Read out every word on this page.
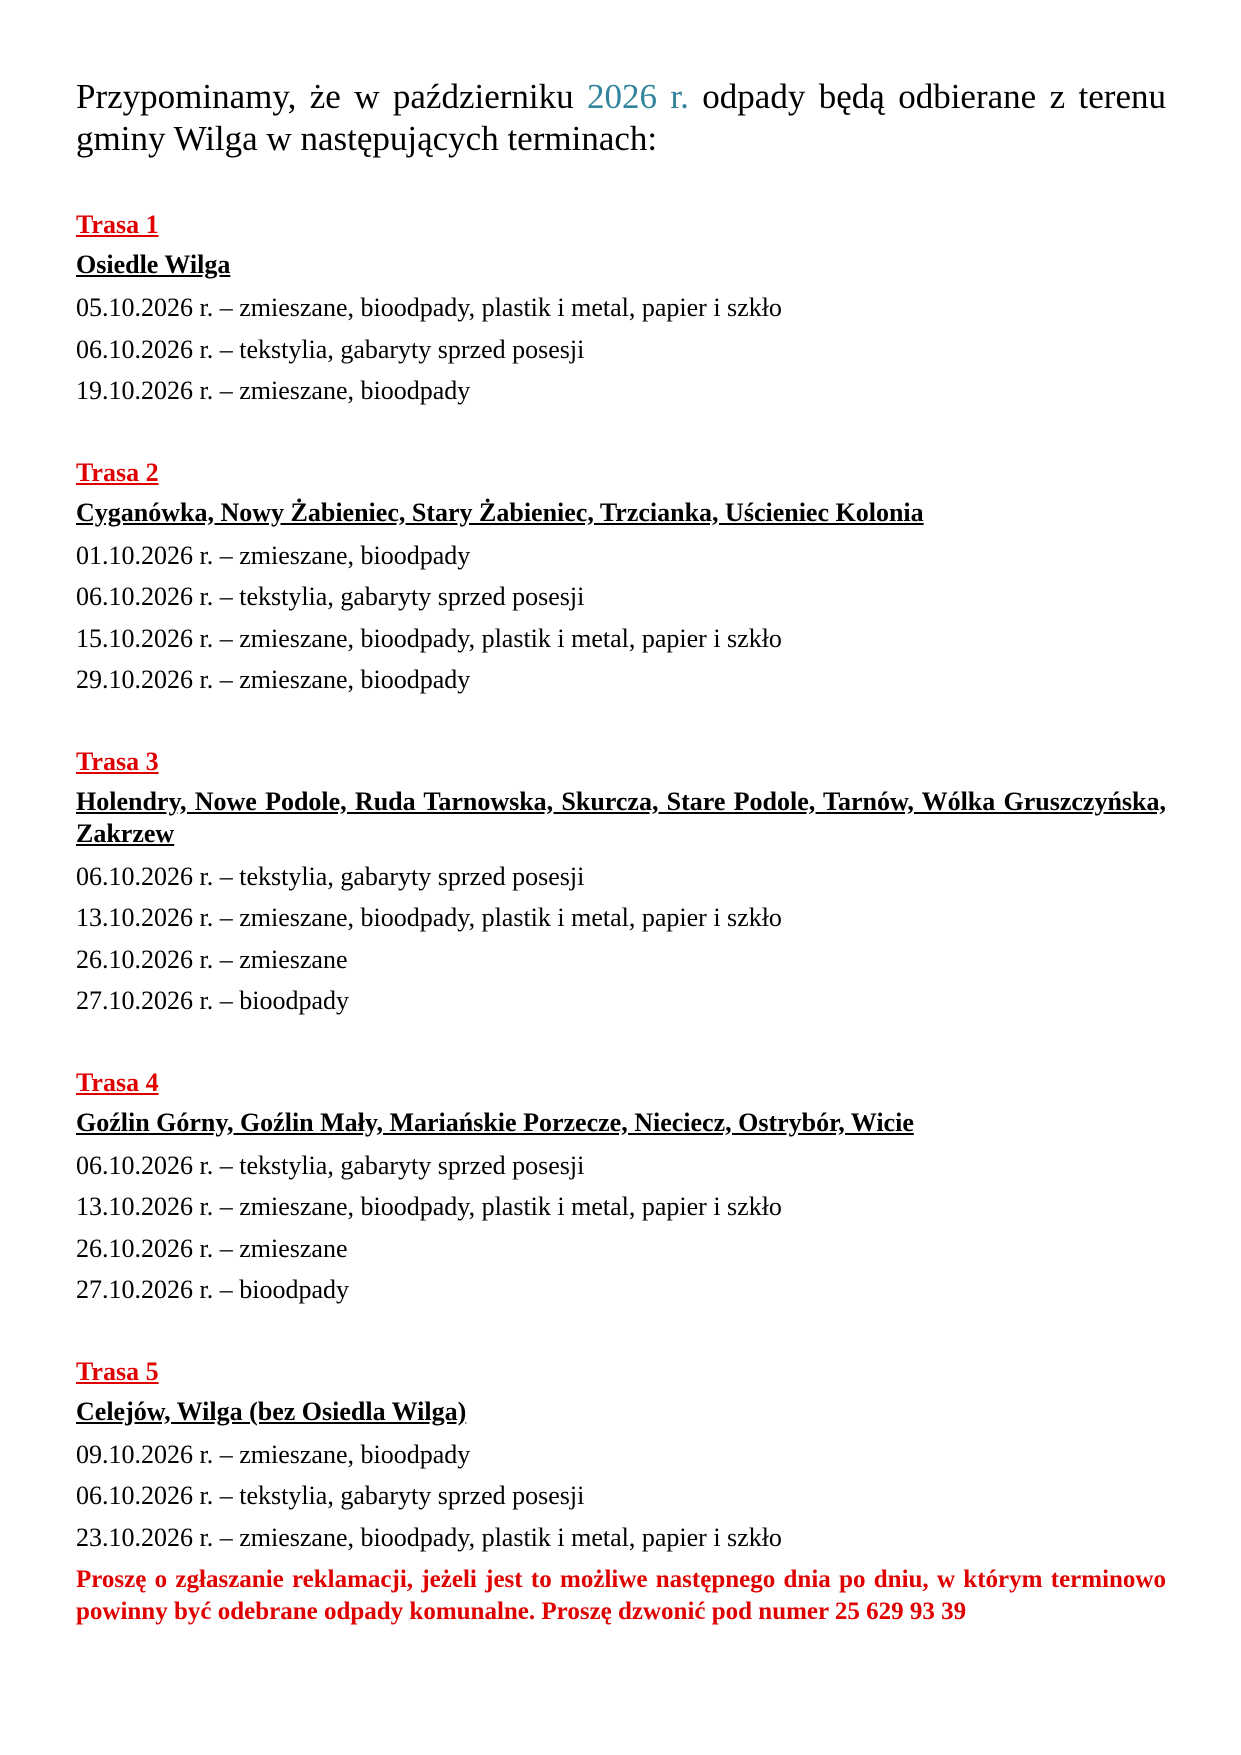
Przypominamy, że w październiku 2026 r. odpady będą odbierane z terenu gminy Wilga w następujących terminach:

Trasa 1

Osiedle Wilga

05.10.2026 r. – zmieszane, bioodpady, plastik i metal, papier i szkło

06.10.2026 r. – tekstylia, gabaryty sprzed posesji

19.10.2026 r. – zmieszane, bioodpady

Trasa 2

Cyganówka, Nowy Żabieniec, Stary Żabieniec, Trzcianka, Uścieniec Kolonia

01.10.2026 r. – zmieszane, bioodpady

06.10.2026 r. – tekstylia, gabaryty sprzed posesji

15.10.2026 r. – zmieszane, bioodpady, plastik i metal, papier i szkło

29.10.2026 r. – zmieszane, bioodpady

Trasa 3

Holendry, Nowe Podole, Ruda Tarnowska, Skurcza, Stare Podole, Tarnów, Wólka Gruszczyńska, Zakrzew

06.10.2026 r. – tekstylia, gabaryty sprzed posesji

13.10.2026 r. – zmieszane, bioodpady, plastik i metal, papier i szkło

26.10.2026 r. – zmieszane

27.10.2026 r. – bioodpady

Trasa 4

Goźlin Górny, Goźlin Mały, Mariańskie Porzecze, Nieciecz, Ostrybór, Wicie

06.10.2026 r. – tekstylia, gabaryty sprzed posesji

13.10.2026 r. – zmieszane, bioodpady, plastik i metal, papier i szkło

26.10.2026 r. – zmieszane

27.10.2026 r. – bioodpady

Trasa 5

Celejów, Wilga (bez Osiedla Wilga)

09.10.2026 r. – zmieszane, bioodpady

06.10.2026 r. – tekstylia, gabaryty sprzed posesji

23.10.2026 r. – zmieszane, bioodpady, plastik i metal, papier i szkło

Proszę o zgłaszanie reklamacji, jeżeli jest to możliwe następnego dnia po dniu, w którym terminowo powinny być odebrane odpady komunalne. Proszę dzwonić pod numer 25 629 93 39
